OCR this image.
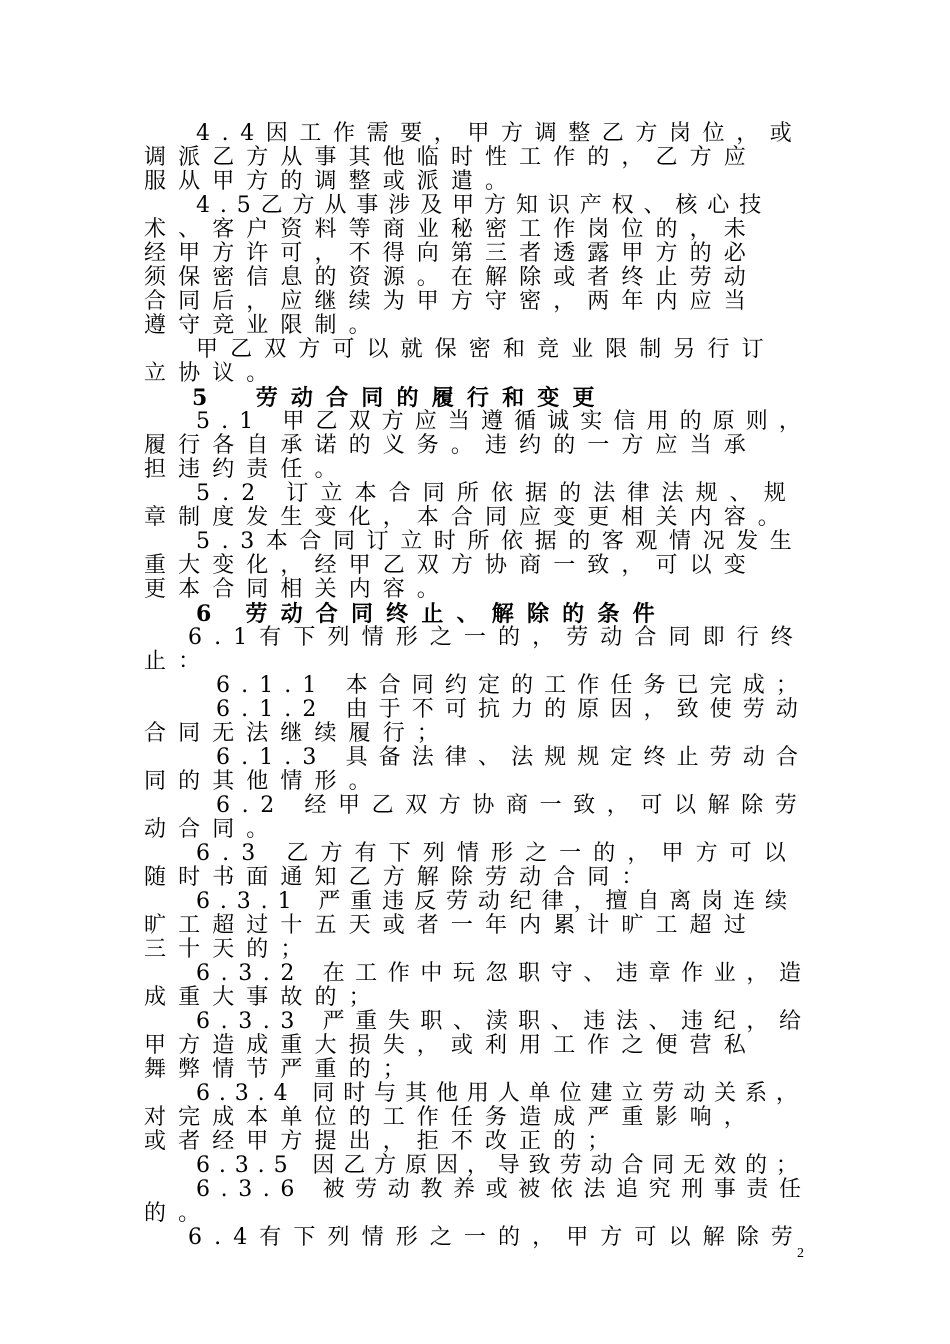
4.4因工作需要，甲方调整乙方岗位，或
调派乙方从事其他临时性工作的，乙方应
服从甲方的调整或派遣。
4.5乙方从事涉及甲方知识产权、核心技
术、客户资料等商业秘密工作岗位的，未
经甲方许可，不得向第三者透露甲方的必
须保密信息的资源。在解除或者终止劳动
合同后，应继续为甲方守密，两年内应当
遵守竞业限制。
甲乙双方可以就保密和竞业限制另行订
立协议。
5　劳动合同的履行和变更
5.1 甲乙双方应当遵循诚实信用的原则，
履行各自承诺的义务。违约的一方应当承
担违约责任。
5.2 订立本合同所依据的法律法规、规
章制度发生变化，本合同应变更相关内容。
5.3本合同订立时所依据的客观情况发生
重大变化，经甲乙双方协商一致，可以变
更本合同相关内容。
6 劳动合同终止、解除的条件
6.1有下列情形之一的，劳动合同即行终
止：
6.1.1 本合同约定的工作任务已完成；
6.1.2 由于不可抗力的原因，致使劳动
合同无法继续履行；
6.1.3 具备法律、法规规定终止劳动合
同的其他情形。
6.2 经甲乙双方协商一致，可以解除劳
动合同。
6.3 乙方有下列情形之一的，甲方可以
随时书面通知乙方解除劳动合同：
6.3.1 严重违反劳动纪律，擅自离岗连续
旷工超过十五天或者一年内累计旷工超过
三十天的；
6.3.2 在工作中玩忽职守、违章作业，造
成重大事故的；
6.3.3 严重失职、渎职、违法、违纪，给
甲方造成重大损失，或利用工作之便营私
舞弊情节严重的；
6.3.4 同时与其他用人单位建立劳动关系，
对完成本单位的工作任务造成严重影响，
或者经甲方提出，拒不改正的；
6.3.5 因乙方原因，导致劳动合同无效的；
6.3.6 被劳动教养或被依法追究刑事责任
的。
6.4有下列情形之一的，甲方可以解除劳
2
